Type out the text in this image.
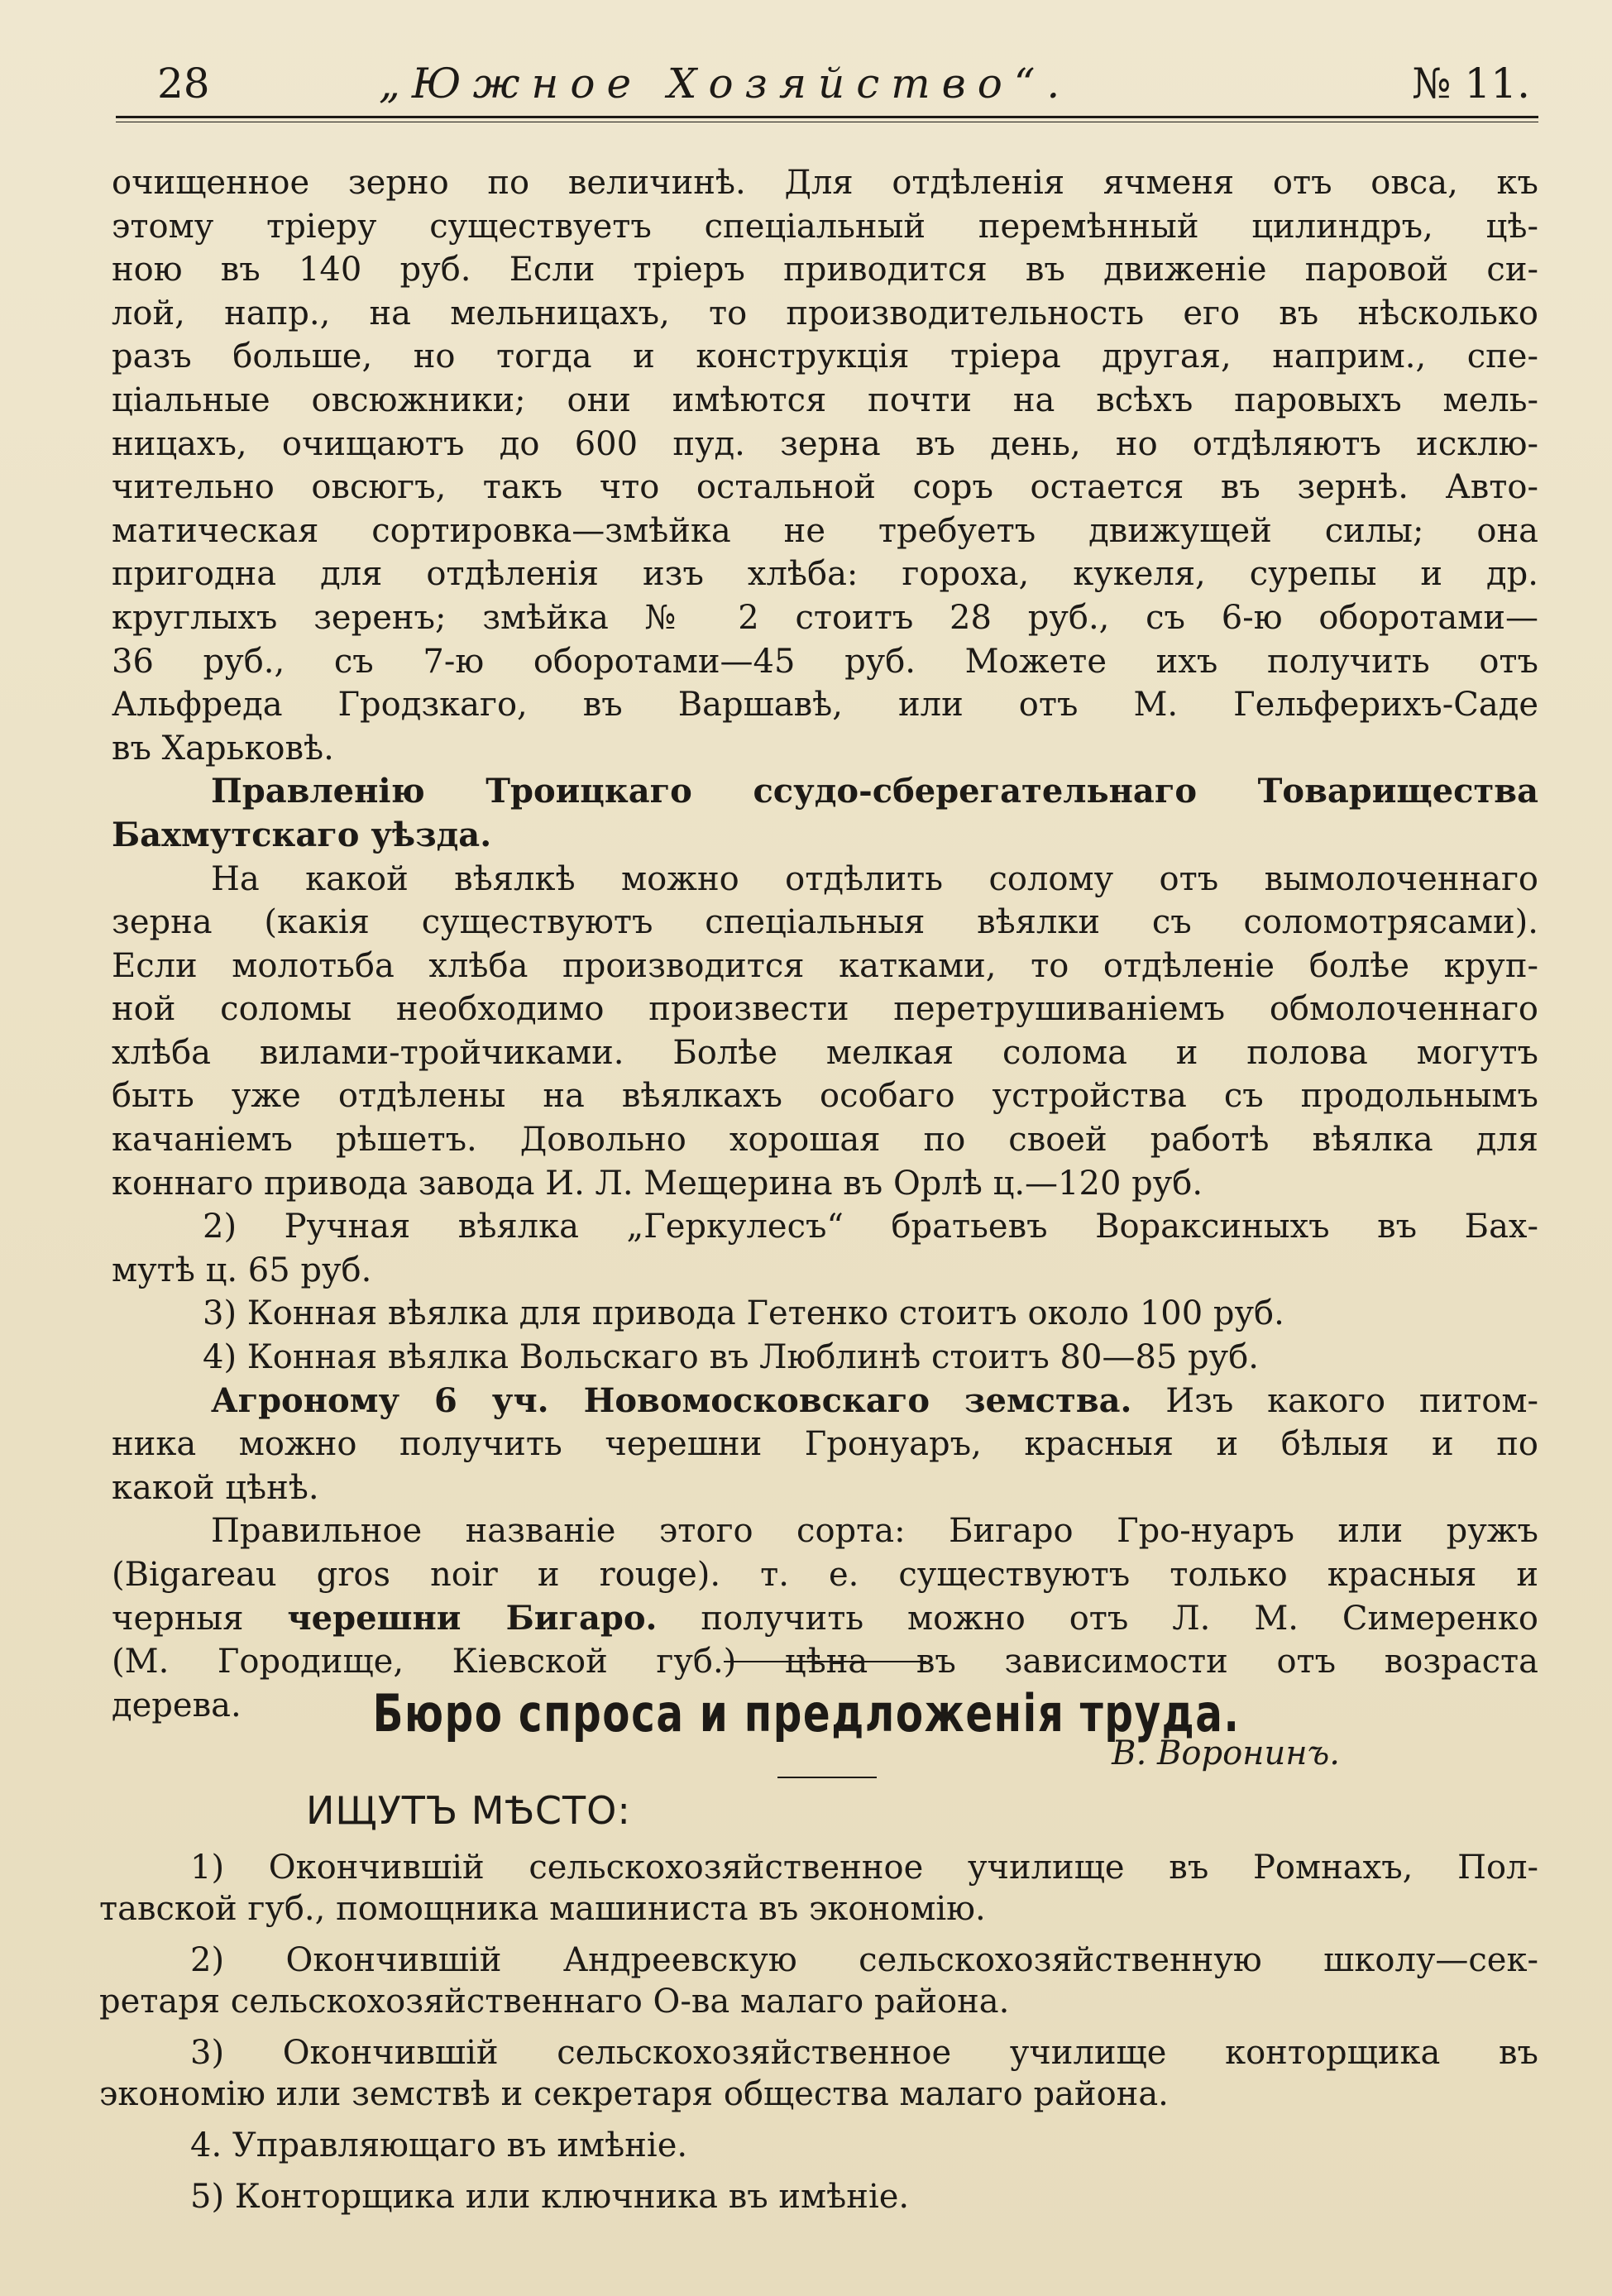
28	„Южное Хозяйство“.	№ 11.
очищенное зерно по величинѣ. Для отдѣленія ячменя отъ овса, къ
этому тріеру существуетъ спеціальный перемѣнный цилиндръ, цѣ-
ною въ 140 руб. Если тріеръ приводится въ движеніе паровой си-
лой, напр., на мельницахъ, то производительность его въ нѣсколько
разъ больше, но тогда и конструкція тріера другая, наприм., спе-
ціальные овсюжники; они имѣются почти на всѣхъ паровыхъ мель-
ницахъ, очищаютъ до 600 пуд. зерна въ день, но отдѣляютъ исклю-
чительно овсюгъ, такъ что остальной соръ остается въ зернѣ. Авто-
матическая сортировка—змѣйка не требуетъ движущей силы; она
пригодна для отдѣленія изъ хлѣба: гороха, кукеля, сурепы и др.
круглыхъ зеренъ; змѣйка № 2 стоитъ 28 руб., съ 6-ю оборотами—
36 руб., съ 7-ю оборотами—45 руб. Можете ихъ получить отъ
Альфреда Гродзкаго, въ Варшавѣ, или отъ М. Гельферихъ-Саде
въ Харьковѣ.
Правленію Троицкаго ссудо-сберегательнаго Товарищества
Бахмутскаго уѣзда.
На какой вѣялкѣ можно отдѣлить солому отъ вымолоченнаго
зерна (какія существуютъ спеціальныя вѣялки съ соломотрясами).
Если молотьба хлѣба производится катками, то отдѣленіе болѣе круп-
ной соломы необходимо произвести перетрушиваніемъ обмолоченнаго
хлѣба вилами-тройчиками. Болѣе мелкая солома и полова могутъ
быть уже отдѣлены на вѣялкахъ особаго устройства съ продольнымъ
качаніемъ рѣшетъ. Довольно хорошая по своей работѣ вѣялка для
коннаго привода завода И. Л. Мещерина въ Орлѣ ц.—120 руб.
2) Ручная вѣялка „Геркулесъ“ братьевъ Вораксиныхъ въ Бах-
мутѣ ц. 65 руб.
3) Конная вѣялка для привода Гетенко стоитъ около 100 руб.
4) Конная вѣялка Вольскаго въ Люблинѣ стоитъ 80—85 руб.
Агроному 6 уч. Новомосковскаго земства. Изъ какого питом-
ника можно получить черешни Гронуаръ, красныя и бѣлыя и по
какой цѣнѣ.
Правильное названіе этого сорта: Бигаро Гро-нуаръ или ружъ
(Bigareau gros noir и rouge). т. е. существуютъ только красныя и
черныя черешни Бигаро. получить можно отъ Л. М. Симеренко
(М. Городище, Кіевской губ.) цѣна въ зависимости отъ возраста
дерева.
В. Воронинъ.
Бюро спроса и предложенія труда.
ИЩУТЪ МѢСТО:
1) Окончившій сельскохозяйственное училище въ Ромнахъ, Пол-
тавской губ., помощника машиниста въ экономію.
2) Окончившій Андреевскую сельскохозяйственную школу—сек-
ретаря сельскохозяйственнаго О-ва малаго района.
3) Окончившій сельскохозяйственное училище конторщика въ
экономію или земствѣ и секретаря общества малаго района.
4. Управляющаго въ имѣніе.
5) Конторщика или ключника въ имѣніе.
